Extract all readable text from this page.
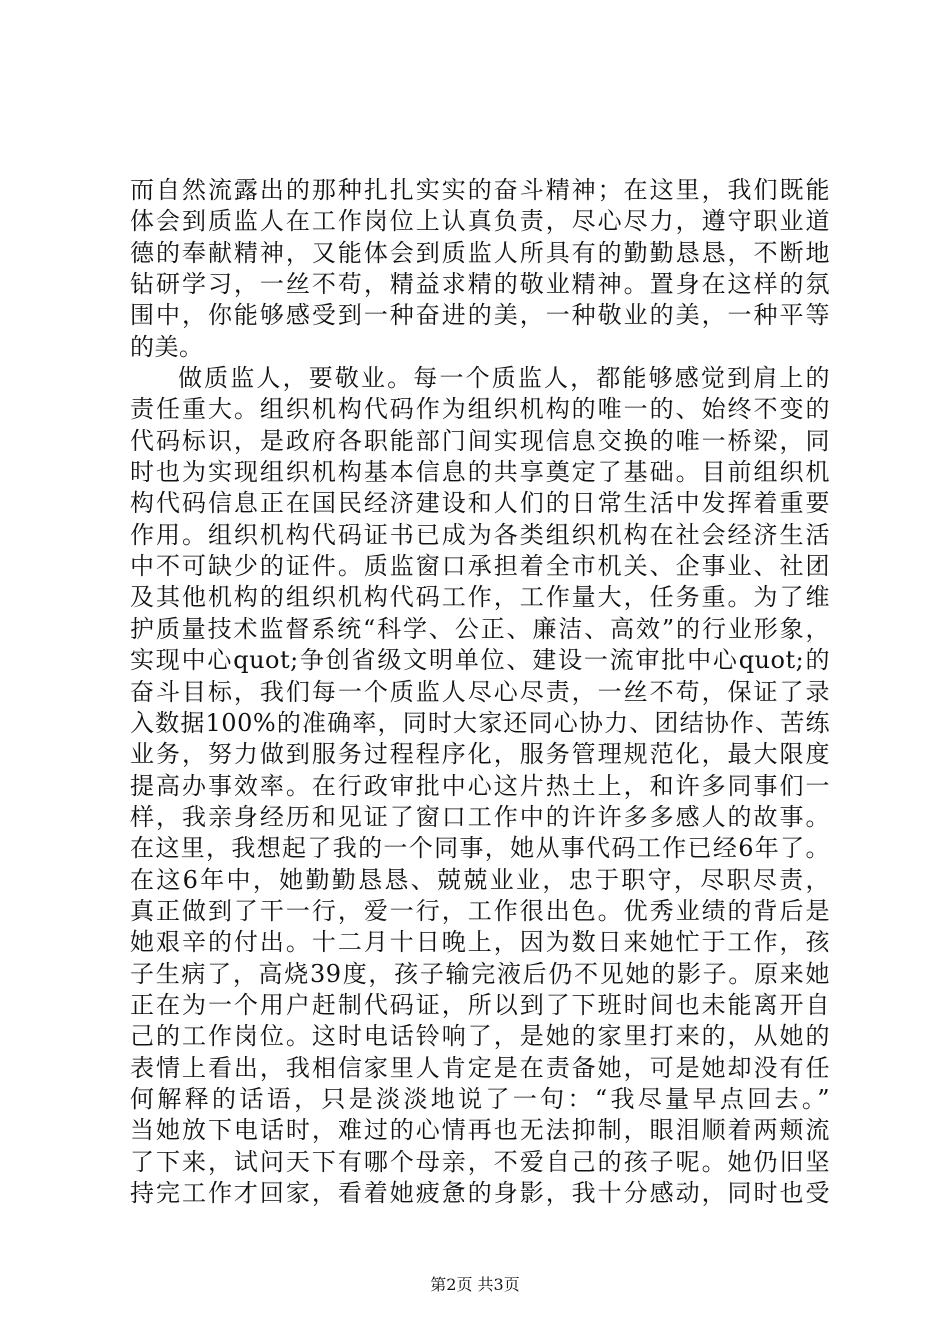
而自然流露出的那种扎扎实实的奋斗精神；在这里，我们既能
体会到质监人在工作岗位上认真负责，尽心尽力，遵守职业道
德的奉献精神，又能体会到质监人所具有的勤勤恳恳，不断地
钻研学习，一丝不苟，精益求精的敬业精神。置身在这样的氛
围中，你能够感受到一种奋进的美，一种敬业的美，一种平等
的美。
做质监人，要敬业。每一个质监人，都能够感觉到肩上的
责任重大。组织机构代码作为组织机构的唯一的、始终不变的
代码标识，是政府各职能部门间实现信息交换的唯一桥梁，同
时也为实现组织机构基本信息的共享奠定了基础。目前组织机
构代码信息正在国民经济建设和人们的日常生活中发挥着重要
作用。组织机构代码证书已成为各类组织机构在社会经济生活
中不可缺少的证件。质监窗口承担着全市机关、企事业、社团
及其他机构的组织机构代码工作，工作量大，任务重。为了维
护质量技术监督系统“科学、公正、廉洁、高效”的行业形象，
实现中心quot;争创省级文明单位、建设一流审批中心quot;的
奋斗目标，我们每一个质监人尽心尽责，一丝不苟，保证了录
入数据100%的准确率，同时大家还同心协力、团结协作、苦练
业务，努力做到服务过程程序化，服务管理规范化，最大限度
提高办事效率。在行政审批中心这片热土上，和许多同事们一
样，我亲身经历和见证了窗口工作中的许许多多感人的故事。
在这里，我想起了我的一个同事，她从事代码工作已经6年了。
在这6年中，她勤勤恳恳、兢兢业业，忠于职守，尽职尽责，
真正做到了干一行，爱一行，工作很出色。优秀业绩的背后是
她艰辛的付出。十二月十日晚上，因为数日来她忙于工作，孩
子生病了，高烧39度，孩子输完液后仍不见她的影子。原来她
正在为一个用户赶制代码证，所以到了下班时间也未能离开自
己的工作岗位。这时电话铃响了，是她的家里打来的，从她的
表情上看出，我相信家里人肯定是在责备她，可是她却没有任
何解释的话语，只是淡淡地说了一句：“我尽量早点回去。”
当她放下电话时，难过的心情再也无法抑制，眼泪顺着两颊流
了下来，试问天下有哪个母亲，不爱自己的孩子呢。她仍旧坚
持完工作才回家，看着她疲惫的身影，我十分感动，同时也受
第2页 共3页
